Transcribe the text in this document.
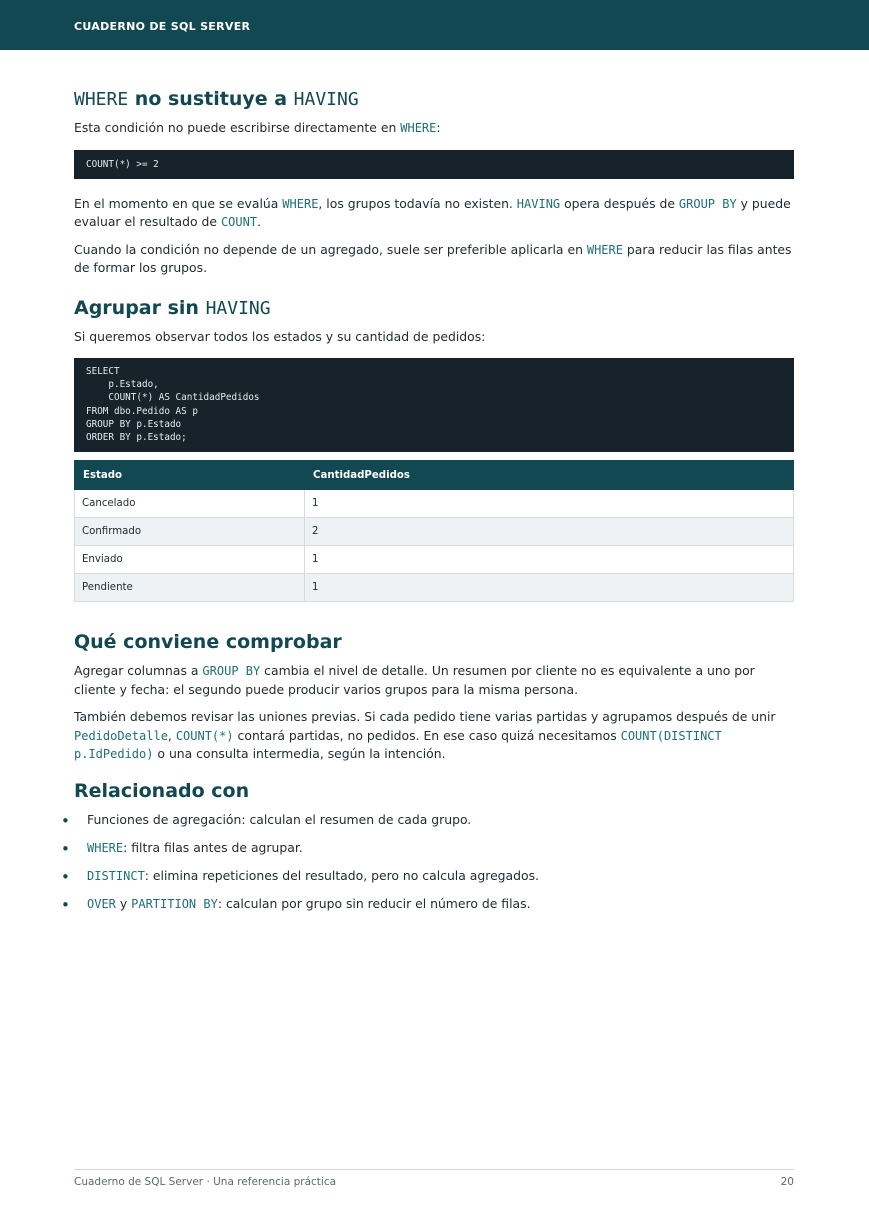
CUADERNO DE SQL SERVER
WHERE no sustituye a HAVING

Esta condición no puede escribirse directamente en WHERE:

COUNT(*) >= 2

En el momento en que se evalúa WHERE, los grupos todavía no existen. HAVING opera después de GROUP BY y puede evaluar el resultado de COUNT.

Cuando la condición no depende de un agregado, suele ser preferible aplicarla en WHERE para reducir las filas antes de formar los grupos.

Agrupar sin HAVING

Si queremos observar todos los estados y su cantidad de pedidos:

SELECT
p.Estado,
COUNT(*) AS CantidadPedidos
FROM dbo.Pedido AS p
GROUP BY p.Estado
ORDER BY p.Estado;
Estado	CantidadPedidos
Cancelado	1
Confirmado	2
Enviado	1
Pendiente	1
Qué conviene comprobar

Agregar columnas a GROUP BY cambia el nivel de detalle. Un resumen por cliente no es equivalente a uno por cliente y fecha: el segundo puede producir varios grupos para la misma persona.

También debemos revisar las uniones previas. Si cada pedido tiene varias partidas y agrupamos después de unir PedidoDetalle, COUNT(*) contará partidas, no pedidos. En ese caso quizá necesitamos COUNT(DISTINCT p.IdPedido) o una consulta intermedia, según la intención.

Relacionado con
• Funciones de agregación: calculan el resumen de cada grupo.
• WHERE: filtra filas antes de agrupar.
• DISTINCT: elimina repeticiones del resultado, pero no calcula agregados.
• OVER y PARTITION BY: calculan por grupo sin reducir el número de filas.
Cuaderno de SQL Server · Una referencia práctica	20
